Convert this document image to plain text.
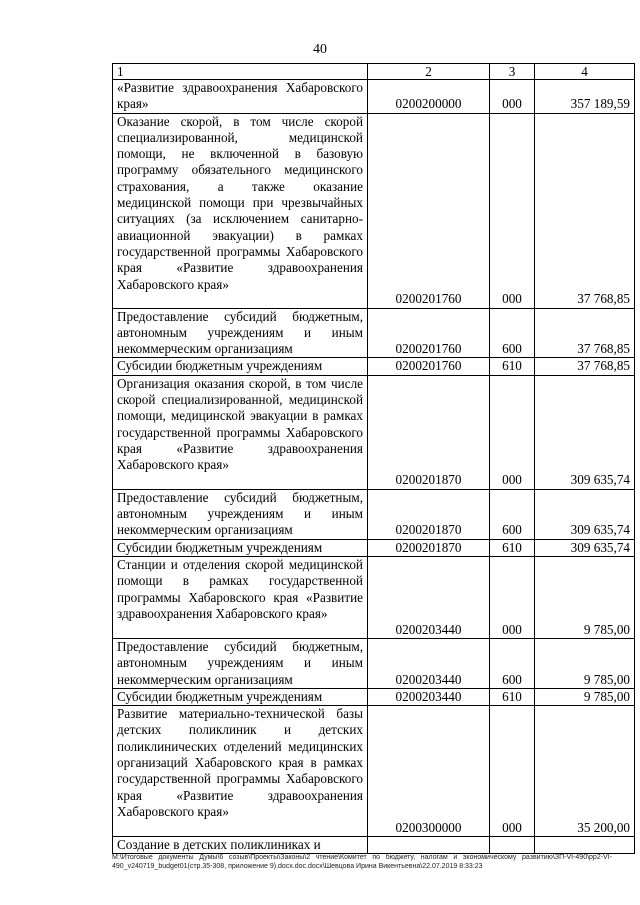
40
1	2	3	4
«Развитие здравоохранения Хабаровского края»	0200200000	000	357 189,59
Оказание скорой, в том числе скорой специализированной, медицинской помощи, не включенной в базовую программу обязательного медицинского страхования, а также оказание медицинской помощи при чрезвычайных ситуациях (за исключением санитарно-авиационной эвакуации) в рамках государственной программы Хабаровского края «Развитие здравоохранения Хабаровского края»	0200201760	000	37 768,85
Предоставление субсидий бюджетным, автономным учреждениям и иным некоммерческим организациям	0200201760	600	37 768,85
Субсидии бюджетным учреждениям	0200201760	610	37 768,85
Организация оказания скорой, в том числе скорой специализированной, медицинской помощи, медицинской эвакуации в рамках государственной программы Хабаровского края «Развитие здравоохранения Хабаровского края»	0200201870	000	309 635,74
Предоставление субсидий бюджетным, автономным учреждениям и иным некоммерческим организациям	0200201870	600	309 635,74
Субсидии бюджетным учреждениям	0200201870	610	309 635,74
Станции и отделения скорой медицинской помощи в рамках государственной программы Хабаровского края «Развитие здравоохранения Хабаровского края»	0200203440	000	9 785,00
Предоставление субсидий бюджетным, автономным учреждениям и иным некоммерческим организациям	0200203440	600	9 785,00
Субсидии бюджетным учреждениям	0200203440	610	9 785,00
Развитие материально-технической базы детских поликлиник и детских поликлинических отделений медицинских организаций Хабаровского края в рамках государственной программы Хабаровского края «Развитие здравоохранения Хабаровского края»	0200300000	000	35 200,00
Создание в детских поликлиниках и			
M:\Итоговые документы Думы\6 созыв\Проекты\Законы\2 чтение\Комитет по бюджету, налогам и экономическому развитию\ЗП-VI-490\pp2-VI-490_v240719_budget01(стр.35-308, приложение 9).docx.doc.docx\Шевцова Ирина Викентьевна\22.07.2019 8:33:23
